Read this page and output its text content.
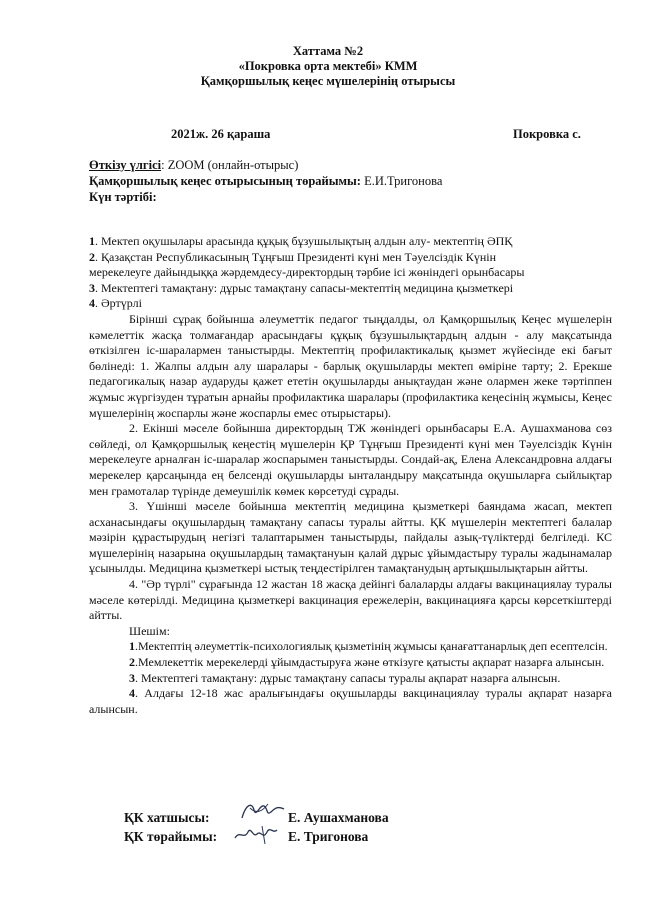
Хаттама №2
«Покровка орта мектебі» КММ
Қамқоршылық кеңес мүшелерінің отырысы
2021ж. 26 қараша	Покровка с.
Өткізу үлгісі: ZOOM (онлайн-отырыс)
Қамқоршылық кеңес отырысының төрайымы: Е.И.Тригонова
Күн тәртібі:
1. Мектеп оқушылары арасында құқық бұзушылықтың алдын алу- мектептің ӘПҚ
2. Қазақстан Республикасының Тұңғыш Президенті күні мен Тәуелсіздік Күнін
мерекелеуге дайындыққа жәрдемдесу-директордың тәрбие ісі жөніндегі орынбасары
3. Мектептегі тамақтану: дұрыс тамақтану сапасы-мектептің медицина қызметкері
4. Әртүрлі

Бірінші сұрақ бойынша әлеуметтік педагог тыңдалды, ол Қамқоршылық Кеңес мүшелерін кәмелеттік жасқа толмағандар арасындағы құқық бұзушылықтардың алдын - алу мақсатында өткізілген іс-шаралармен таныстырды. Мектептің профилактикалық қызмет жүйесінде екі бағыт бөлінеді: 1. Жалпы алдын алу шаралары - барлық оқушыларды мектеп өміріне тарту; 2. Ерекше педагогикалық назар аударуды қажет ететін оқушыларды анықтаудан және олармен жеке тәртіппен жұмыс жүргізуден тұратын арнайы профилактика шаралары (профилактика кеңесінің жұмысы, Кеңес мүшелерінің жоспарлы және жоспарлы емес отырыстары).

2. Екінші мәселе бойынша директордың ТЖ жөніндегі орынбасары Е.А. Аушахманова сөз сөйледі, ол Қамқоршылық кеңестің мүшелерін ҚР Тұңғыш Президенті күні мен Тәуелсіздік Күнін мерекелеуге арналған іс-шаралар жоспарымен таныстырды. Сондай-ақ, Елена Александровна алдағы мерекелер қарсаңында ең белсенді оқушыларды ынталандыру мақсатында оқушыларға сыйлықтар мен грамоталар түрінде демеушілік көмек көрсетуді сұрады.

3. Үшінші мәселе бойынша мектептің медицина қызметкері баяндама жасап, мектеп асханасындағы оқушылардың тамақтану сапасы туралы айтты. ҚК мүшелерін мектептегі балалар мәзірін құрастырудың негізгі талаптарымен таныстырды, пайдалы азық-түліктерді белгіледі. КС мүшелерінің назарына оқушылардың тамақтануын қалай дұрыс ұйымдастыру туралы жадынамалар ұсынылды. Медицина қызметкері ыстық теңдестірілген тамақтанудың артықшылықтарын айтты.

4. "Әр түрлі" сұрағында 12 жастан 18 жасқа дейінгі балаларды алдағы вакцинациялау туралы мәселе көтерілді. Медицина қызметкері вакцинация ережелерін, вакцинацияға қарсы көрсеткіштерді айтты.

Шешім:

1.Мектептің әлеуметтік-психологиялық қызметінің жұмысы қанағаттанарлық деп есептелсін.

2.Мемлекеттік мерекелерді ұйымдастыруға және өткізуге қатысты ақпарат назарға алынсын.

3. Мектептегі тамақтану: дұрыс тамақтану сапасы туралы ақпарат назарға алынсын.

4. Алдағы 12-18 жас аралығындағы оқушыларды вакцинациялау туралы ақпарат назарға алынсын.

ҚК хатшысы:	Е. Аушахманова
ҚК төрайымы:	Е. Тригонова
